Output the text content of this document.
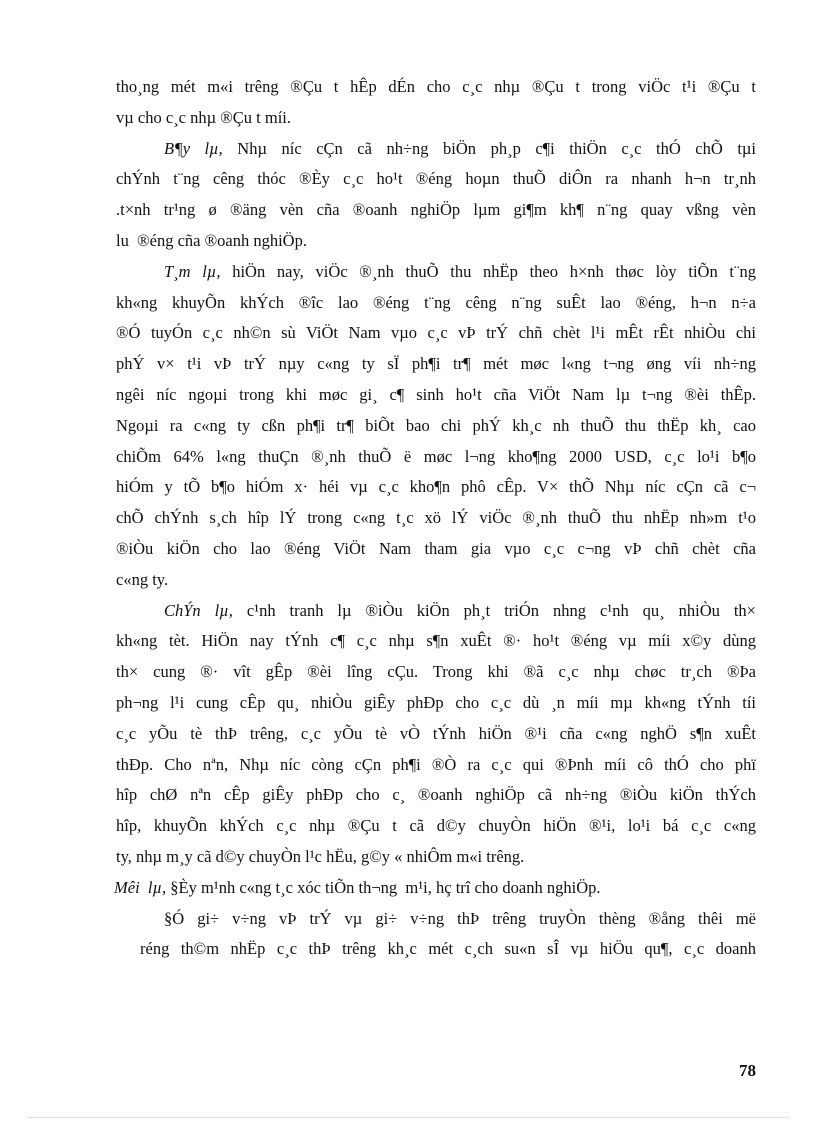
tho¸ng mét m«i trêng ®Çu t hÊp dÉn cho c¸c nhµ ®Çu t trong viÖc t¹i ®Çu t
vµ cho c¸c nhµ ®Çu t míi.
B¶y lµ, Nhµ níc cÇn cã nh÷ng biÖn ph¸p c¶i thiÖn c¸c thÓ chÕ tµi
chÝnh t¨ng cêng thóc ®Èy c¸c ho¹t ®éng hoµn thuÕ diÔn ra nhanh h¬n tr¸nh
.t×nh tr¹ng ø ®äng vèn cña ®oanh nghiÖp lµm gi¶m kh¶ n¨ng quay vßng vèn
lu  ®éng cña ®oanh nghiÖp.
T¸m lµ, hiÖn nay, viÖc ®¸nh thuÕ thu nhËp theo h×nh thøc lòy tiÕn t¨ng
kh«ng khuyÕn khÝch ®îc lao ®éng t¨ng cêng n¨ng suÊt lao ®éng, h¬n n÷a
®Ó tuyÓn c¸c nh©n sù ViÖt Nam vµo c¸c vÞ trÝ chñ chèt l¹i mÊt rÊt nhiÒu chi
phÝ v× t¹i vÞ trÝ nµy c«ng ty sÏ ph¶i tr¶ mét møc l«ng t¬ng øng víi nh÷ng
ngêi níc ngoµi trong khi møc gi¸ c¶ sinh ho¹t cña ViÖt Nam lµ t¬ng ®èi thÊp.
Ngoµi ra c«ng ty cßn ph¶i tr¶ biÕt bao chi phÝ kh¸c nh thuÕ thu thËp kh¸ cao
chiÕm 64% l«ng thuÇn ®¸nh thuÕ ë møc l¬ng kho¶ng 2000 USD, c¸c lo¹i b¶o
hiÓm y tÕ b¶o hiÓm x· héi vµ c¸c kho¶n phô cÊp. V× thÕ Nhµ níc cÇn cã c¬
chÕ chÝnh s¸ch hîp lÝ trong c«ng t¸c xö lÝ viÖc ®¸nh thuÕ thu nhËp nh»m t¹o
®iÒu kiÖn cho lao ®éng ViÖt Nam tham gia vµo c¸c c¬ng vÞ chñ chèt cña
c«ng ty.
ChÝn lµ, c¹nh tranh lµ ®iÒu kiÖn ph¸t triÓn nhng c¹nh qu¸ nhiÒu th×
kh«ng tèt. HiÖn nay tÝnh c¶ c¸c nhµ s¶n xuÊt ®· ho¹t ®éng vµ míi x©y dùng
th× cung ®· vît gÊp ®èi lîng cÇu. Trong khi ®ã c¸c nhµ chøc tr¸ch ®Þa
ph¬ng l¹i cung cÊp qu¸ nhiÒu giÊy phÐp cho c¸c dù ¸n míi mµ kh«ng tÝnh tíi
c¸c yÕu tè thÞ trêng, c¸c yÕu tè vÒ tÝnh hiÖn ®¹i cña c«ng nghÖ s¶n xuÊt
thÐp. Cho nªn, Nhµ níc còng cÇn ph¶i ®Ò ra c¸c qui ®Þnh míi cô thÓ cho phï
hîp chØ nªn cÊp giÊy phÐp cho c¸ ®oanh nghiÖp cã nh÷ng ®iÒu kiÖn thÝch
hîp, khuyÕn khÝch c¸c nhµ ®Çu t cã d©y chuyÒn hiÖn ®¹i, lo¹i bá c¸c c«ng
ty, nhµ m¸y cã d©y chuyÒn l¹c hËu, g©y « nhiÔm m«i trêng.
Mêi  lµ, §Èy m¹nh c«ng t¸c xóc tiÕn th¬ng  m¹i, hç trî cho doanh nghiÖp.
§Ó gi÷ v÷ng vÞ trÝ vµ gi÷ v÷ng thÞ trêng truyÒn thèng ®ång thêi më
réng th©m nhËp c¸c thÞ trêng kh¸c mét c¸ch su«n sÎ vµ hiÖu qu¶, c¸c doanh
78
